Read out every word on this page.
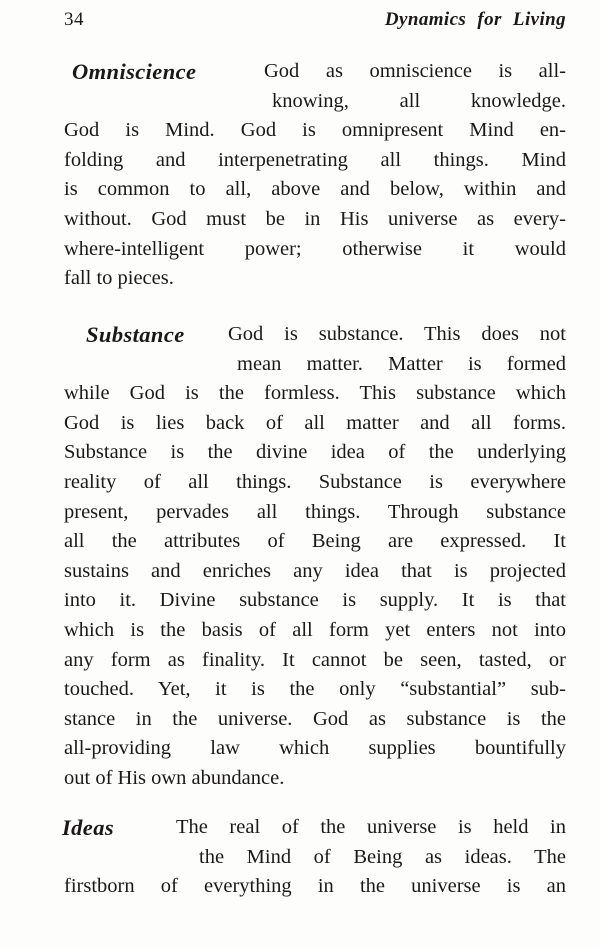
34	Dynamics for Living
Omniscience	God as omniscience is all-
knowing, all knowledge.
God is Mind. God is omnipresent Mind en-
folding and interpenetrating all things. Mind
is common to all, above and below, within and
without. God must be in His universe as every-
where-intelligent power; otherwise it would
fall to pieces.
Substance God is substance. This does not
mean matter. Matter is formed
while God is the formless. This substance which
God is lies back of all matter and all forms.
Substance is the divine idea of the underlying
reality of all things. Substance is everywhere
present, pervades all things. Through substance
all the attributes of Being are expressed. It
sustains and enriches any idea that is projected
into it. Divine substance is supply. It is that
which is the basis of all form yet enters not into
any form as finality. It cannot be seen, tasted, or
touched. Yet, it is the only “substantial” sub-
stance in the universe. God as substance is the
all-providing law which supplies bountifully
out of His own abundance.
Ideas	The real of the universe is held in
the Mind of Being as ideas. The
firstborn of everything in the universe is an
